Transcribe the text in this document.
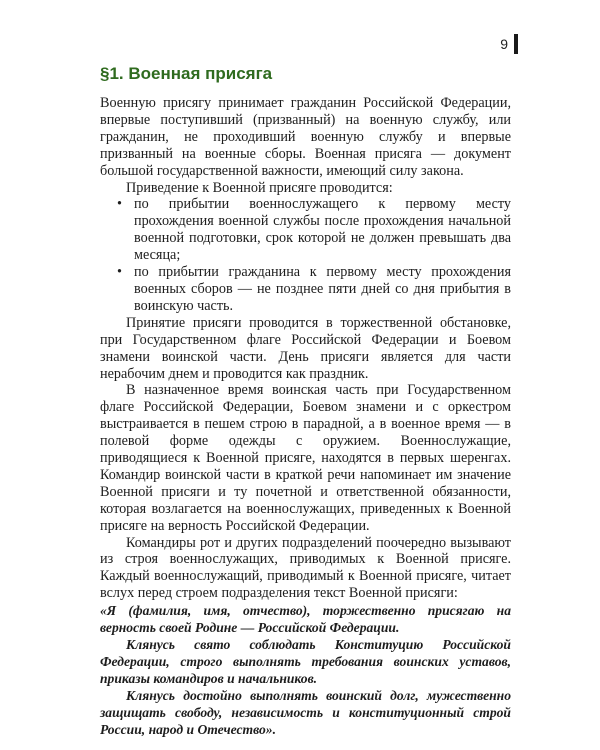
9
§1. Военная присяга

Военную присягу принимает гражданин Российской Федерации, впервые поступивший (призванный) на военную службу, или гражданин, не проходивший военную службу и впервые призванный на военные сборы. Военная присяга — документ большой государственной важности, имеющий силу закона.

Приведение к Военной присяге проводится:

• по прибытии военнослужащего к первому месту прохождения военной службы после прохождения начальной военной подготовки, срок которой не должен превышать два месяца;
• по прибытии гражданина к первому месту прохождения военных сборов — не позднее пяти дней со дня прибытия в воинскую часть.

Принятие присяги проводится в торжественной обстановке, при Государственном флаге Российской Федерации и Боевом знамени воинской части. День присяги является для части нерабочим днем и проводится как праздник.

В назначенное время воинская часть при Государственном флаге Российской Федерации, Боевом знамени и с оркестром выстраивается в пешем строю в парадной, а в военное время — в полевой форме одежды с оружием. Военнослужащие, приводящиеся к Военной присяге, находятся в первых шеренгах. Командир воинской части в краткой речи напоминает им значение Военной присяги и ту почетной и ответственной обязанности, которая возлагается на военнослужащих, приведенных к Военной присяге на верность Российской Федерации.

Командиры рот и других подразделений поочередно вызывают из строя военнослужащих, приводимых к Военной присяге. Каждый военнослужащий, приводимый к Военной присяге, читает вслух перед строем подразделения текст Военной присяги:

«Я (фамилия, имя, отчество), торжественно присягаю на верность своей Родине — Российской Федерации.

Клянусь свято соблюдать Конституцию Российской Федерации, строго выполнять требования воинских уставов, приказы командиров и начальников.

Клянусь достойно выполнять воинский долг, мужественно защищать свободу, независимость и конституционный строй России, народ и Отечество».
